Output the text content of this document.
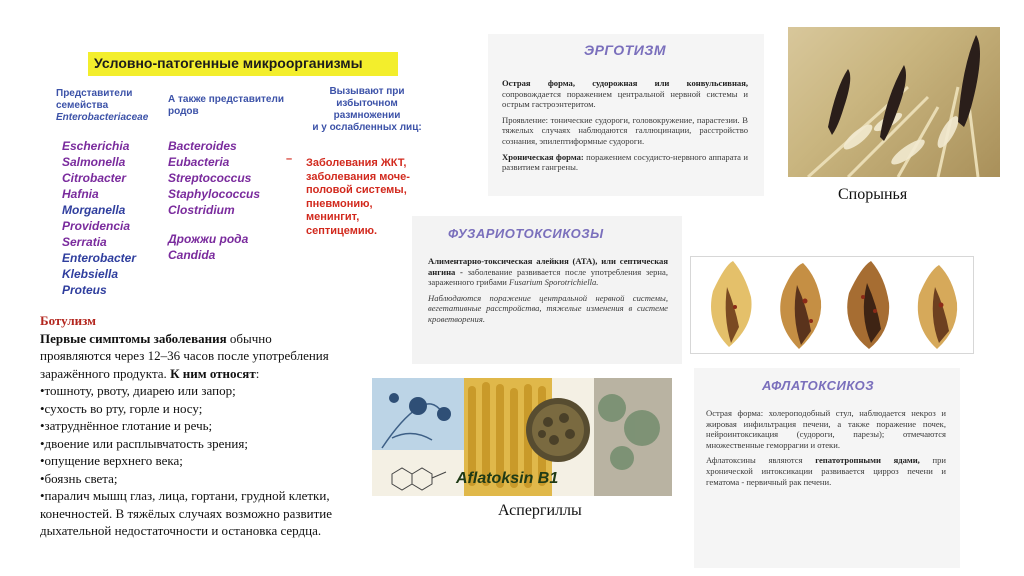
Условно-патогенные микроорганизмы
Представители
семейства
Enterobacteriaceae
А также представители
родов
Вызывают при
избыточном
размножении
и у ослабленных лиц:
Escherichia
Salmonella
Citrobacter
Hafnia
Morganella
Providencia
Serratia
Enterobacter
Klebsiella
Proteus
Bacteroides
Eubacteria
Streptococcus
Staphylococcus
Clostridium
Дрожжи рода
Candida
– Заболевания ЖКТ,
заболевания моче-
половой системы,
пневмонию,
менингит,
септицемию.

Ботулизм

Первые симптомы заболевания обычно

проявляются через 12–36 часов после употребления

заражённого продукта. К ним относят:

•тошноту, рвоту, диарею или запор;

•сухость во рту, горле и носу;

•затруднённое глотание и речь;

•двоение или расплывчатость зрения;

•опущение верхнего века;

•боязнь света;

•паралич мышц глаз, лица, гортани, грудной клетки,

конечностей. В тяжёлых случаях возможно развитие

дыхательной недостаточности и остановка сердца.

ЭРГОТИЗМ

Острая форма, судорожная или конвульсивная, сопровождается поражением центральной нервной системы и острым гастроэнтеритом.

Проявление: тонические судороги, головокружение, парастезии. В тяжелых случаях наблюдаются галлюцинации, расстройство сознания, эпилептиформные судороги.

Хроническая форма: поражением сосудисто-нервного аппарата и развитием гангрены.

Спорынья
ФУЗАРИОТОКСИКОЗЫ

Алиментарно-токсическая алейкия (АТА), или септическая ангина - заболевание развивается после употребления зерна, зараженного грибами Fusarium Sporotrichiella.

Наблюдаются поражение центральной нервной системы, вегетативные расстройства, тяжелые изменения в системе кроветворения.

Aflatoksin B1
Аспергиллы
АФЛАТОКСИКОЗ

Острая форма: холероподобный стул, наблюдается некроз и жировая инфильтрация печени, а также поражение почек, нейроинтоксикация (судороги, парезы); отмечаются множественные геморрагии и отеки.

Афлатоксины являются гепатотропными ядами, при хронической интоксикации развивается цирроз печени и гематома - первичный рак печени.
